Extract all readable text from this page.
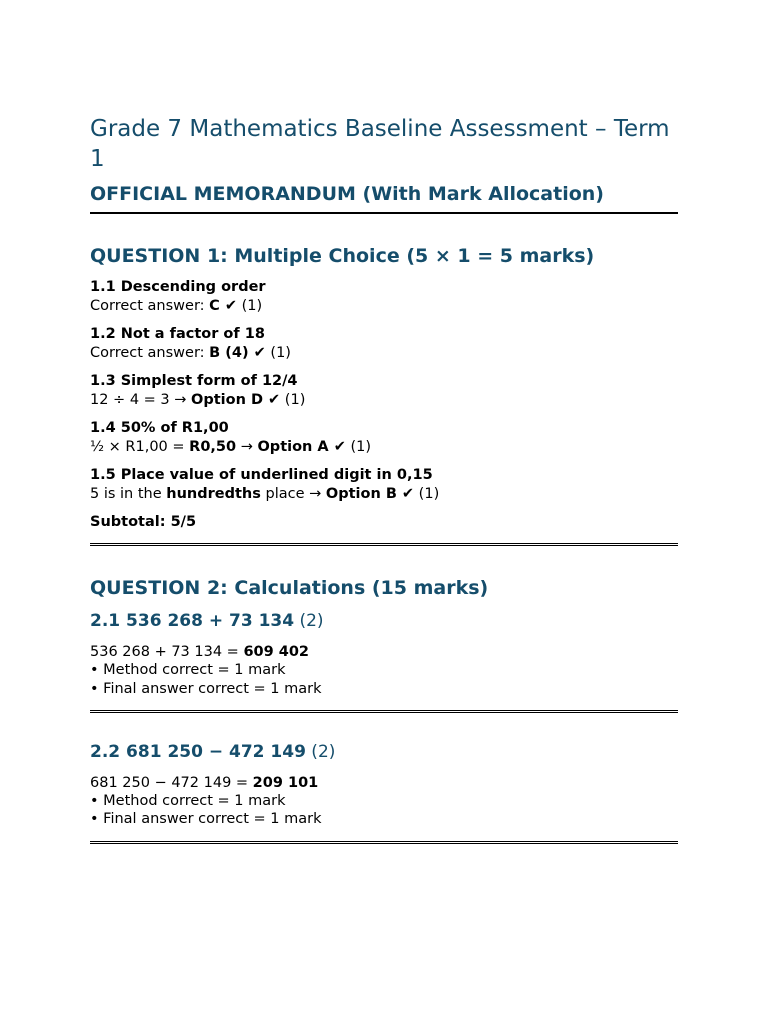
Grade 7 Mathematics Baseline Assessment – Term 1
OFFICIAL MEMORANDUM (With Mark Allocation)
QUESTION 1: Multiple Choice (5 × 1 = 5 marks)
1.1 Descending order
Correct answer: C ✔ (1)
1.2 Not a factor of 18
Correct answer: B (4) ✔ (1)
1.3 Simplest form of 12/4
12 ÷ 4 = 3 → Option D ✔ (1)
1.4 50% of R1,00
½ × R1,00 = R0,50 → Option A ✔ (1)
1.5 Place value of underlined digit in 0,15
5 is in the hundredths place → Option B ✔ (1)
Subtotal: 5/5
QUESTION 2: Calculations (15 marks)
2.1 536 268 + 73 134 (2)
536 268 + 73 134 = 609 402
• Method correct = 1 mark
• Final answer correct = 1 mark
2.2 681 250 − 472 149 (2)
681 250 − 472 149 = 209 101
• Method correct = 1 mark
• Final answer correct = 1 mark
